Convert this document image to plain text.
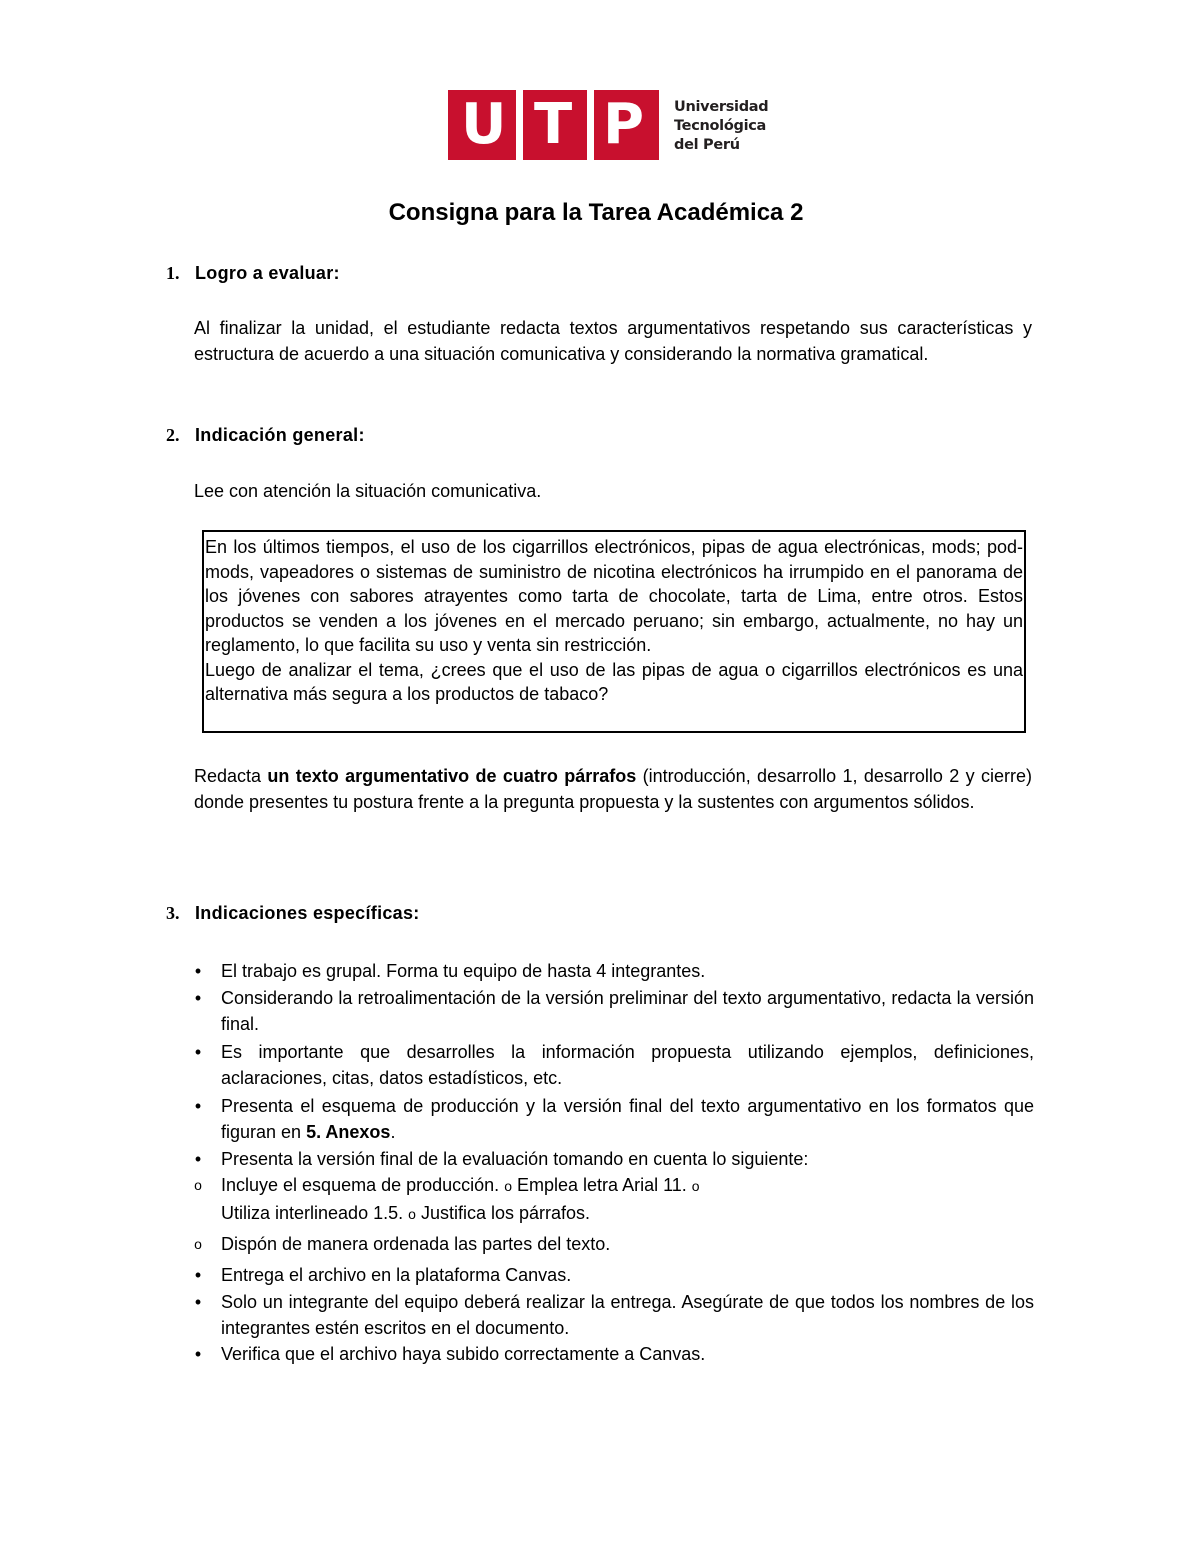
U T P Universidad
Tecnológica
del Perú
Consigna para la Tarea Académica 2
1. Logro a evaluar:
Al finalizar la unidad, el estudiante redacta textos argumentativos respetando sus características y estructura de acuerdo a una situación comunicativa y considerando la normativa gramatical.
2. Indicación general:
Lee con atención la situación comunicativa.

En los últimos tiempos, el uso de los cigarrillos electrónicos, pipas de agua electrónicas, mods; pod-mods, vapeadores o sistemas de suministro de nicotina electrónicos ha irrumpido en el panorama de los jóvenes con sabores atrayentes como tarta de chocolate, tarta de Lima, entre otros. Estos productos se venden a los jóvenes en el mercado peruano; sin embargo, actualmente, no hay un reglamento, lo que facilita su uso y venta sin restricción.

Luego de analizar el tema, ¿crees que el uso de las pipas de agua o cigarrillos electrónicos es una alternativa más segura a los productos de tabaco?

Redacta un texto argumentativo de cuatro párrafos (introducción, desarrollo 1, desarrollo 2 y cierre) donde presentes tu postura frente a la pregunta propuesta y la sustentes con argumentos sólidos.
3. Indicaciones específicas:
•	El trabajo es grupal. Forma tu equipo de hasta 4 integrantes.
•	Considerando la retroalimentación de la versión preliminar del texto argumentativo, redacta la versión final.
•	Es importante que desarrolles la información propuesta utilizando ejemplos, definiciones, aclaraciones, citas, datos estadísticos, etc.
•	Presenta el esquema de producción y la versión final del texto argumentativo en los formatos que figuran en 5. Anexos.
•	Presenta la versión final de la evaluación tomando en cuenta lo siguiente:
o	Incluye el esquema de producción. o Emplea letra Arial 11. o
Utiliza interlineado 1.5. o Justifica los párrafos.
o	Dispón de manera ordenada las partes del texto.
•	Entrega el archivo en la plataforma Canvas.
•	Solo un integrante del equipo deberá realizar la entrega. Asegúrate de que todos los nombres de los integrantes estén escritos en el documento.
•	Verifica que el archivo haya subido correctamente a Canvas.
